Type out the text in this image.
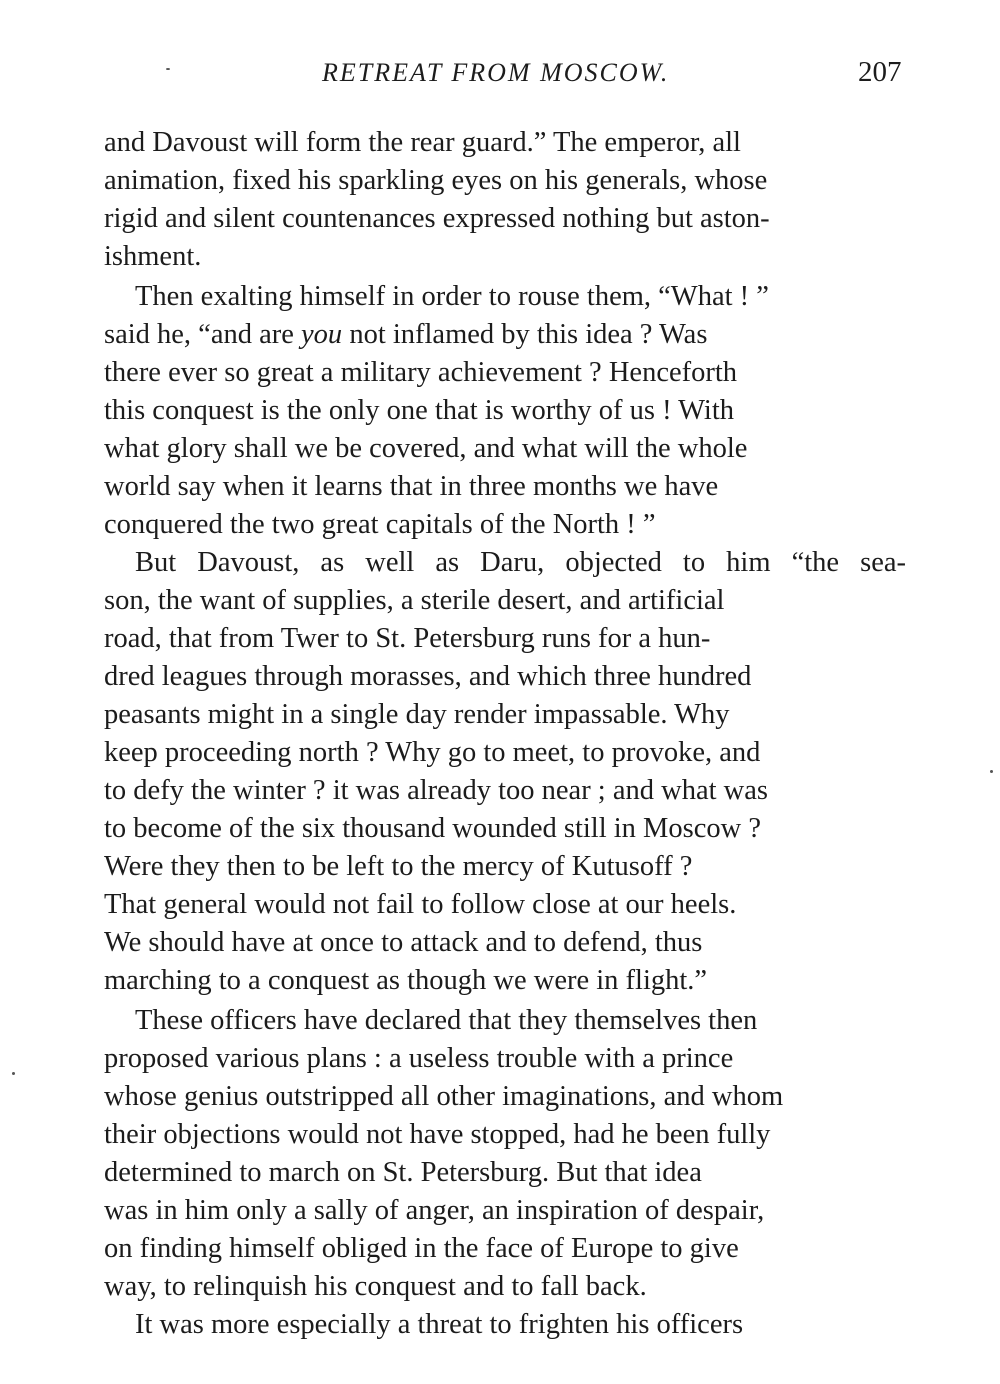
RETREAT FROM MOSCOW.	207
and Davoust will form the rear guard.” The emperor, all
animation, fixed his sparkling eyes on his generals, whose
rigid and silent countenances expressed nothing but aston-
ishment.
Then exalting himself in order to rouse them, “What ! ”
said he, “and are you not inflamed by this idea ? Was
there ever so great a military achievement ? Henceforth
this conquest is the only one that is worthy of us ! With
what glory shall we be covered, and what will the whole
world say when it learns that in three months we have
conquered the two great capitals of the North ! ”
But Davoust, as well as Daru, objected to him “the sea-
son, the want of supplies, a sterile desert, and artificial
road, that from Twer to St. Petersburg runs for a hun-
dred leagues through morasses, and which three hundred
peasants might in a single day render impassable. Why
keep proceeding north ? Why go to meet, to provoke, and
to defy the winter ? it was already too near ; and what was
to become of the six thousand wounded still in Moscow ?
Were they then to be left to the mercy of Kutusoff ?
That general would not fail to follow close at our heels.
We should have at once to attack and to defend, thus
marching to a conquest as though we were in flight.”
These officers have declared that they themselves then
proposed various plans : a useless trouble with a prince
whose genius outstripped all other imaginations, and whom
their objections would not have stopped, had he been fully
determined to march on St. Petersburg. But that idea
was in him only a sally of anger, an inspiration of despair,
on finding himself obliged in the face of Europe to give
way, to relinquish his conquest and to fall back.
It was more especially a threat to frighten his officers
